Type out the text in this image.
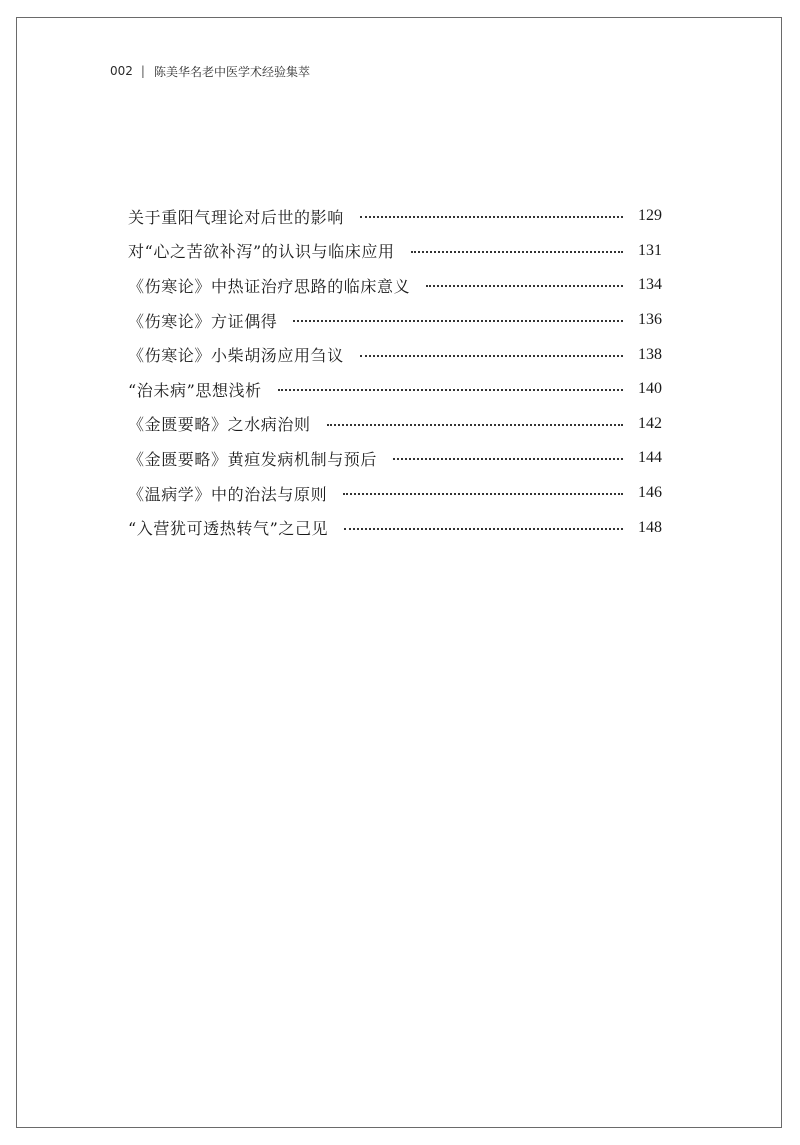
002 | 陈美华名老中医学术经验集萃
关于重阳气理论对后世的影响	129
对“心之苦欲补泻”的认识与临床应用	131
《伤寒论》中热证治疗思路的临床意义	134
《伤寒论》方证偶得	136
《伤寒论》小柴胡汤应用刍议	138
“治未病”思想浅析	140
《金匮要略》之水病治则	142
《金匮要略》黄疸发病机制与预后	144
《温病学》中的治法与原则	146
“入营犹可透热转气”之己见	148
